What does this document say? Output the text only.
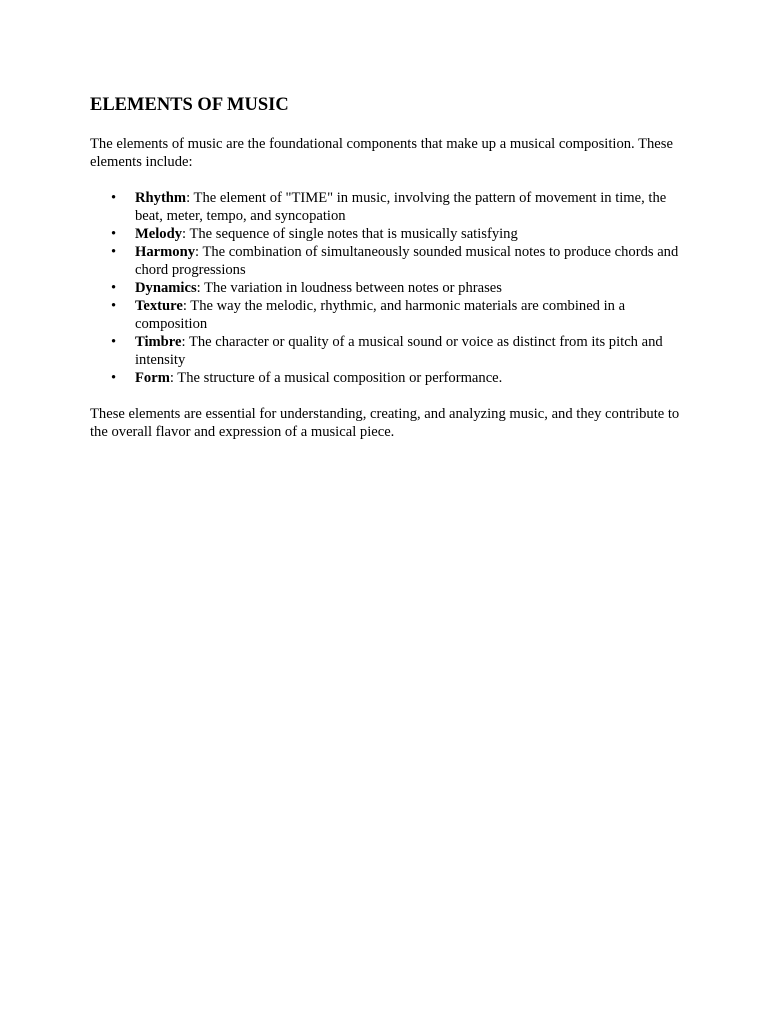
ELEMENTS OF MUSIC

The elements of music are the foundational components that make up a musical composition. These elements include:

• Rhythm: The element of "TIME" in music, involving the pattern of movement in time, the beat, meter, tempo, and syncopation
• Melody: The sequence of single notes that is musically satisfying
• Harmony: The combination of simultaneously sounded musical notes to produce chords and chord progressions
• Dynamics: The variation in loudness between notes or phrases
• Texture: The way the melodic, rhythmic, and harmonic materials are combined in a composition
• Timbre: The character or quality of a musical sound or voice as distinct from its pitch and intensity
• Form: The structure of a musical composition or performance.

These elements are essential for understanding, creating, and analyzing music, and they contribute to the overall flavor and expression of a musical piece.
